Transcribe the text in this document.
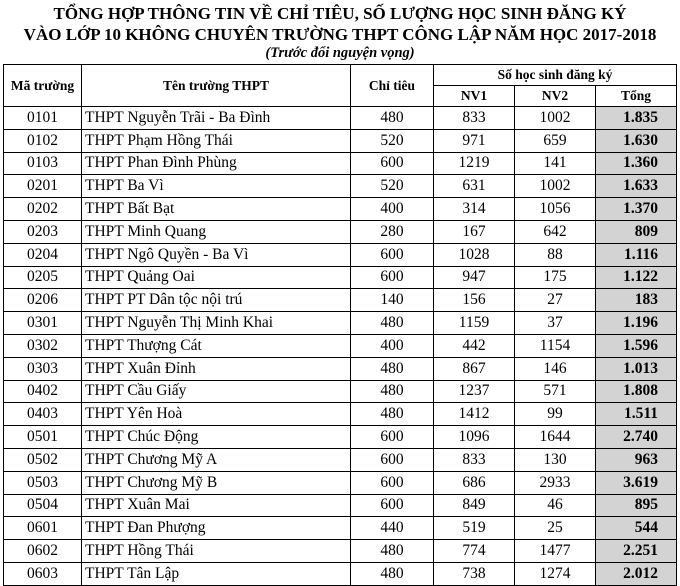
TỔNG HỢP THÔNG TIN VỀ CHỈ TIÊU, SỐ LƯỢNG HỌC SINH ĐĂNG KÝ
VÀO LỚP 10 KHÔNG CHUYÊN TRƯỜNG THPT CÔNG LẬP NĂM HỌC 2017-2018
(Trước đổi nguyện vọng)
Mã trường	Tên trường THPT	Chỉ tiêu	Số học sinh đăng ký		
			NV1	NV2	Tổng
0101	THPT Nguyễn Trãi - Ba Đình	480	833	1002	1.835
0102	THPT Phạm Hồng Thái	520	971	659	1.630
0103	THPT Phan Đình Phùng	600	1219	141	1.360
0201	THPT Ba Vì	520	631	1002	1.633
0202	THPT Bất Bạt	400	314	1056	1.370
0203	THPT Minh Quang	280	167	642	809
0204	THPT Ngô Quyền - Ba Vì	600	1028	88	1.116
0205	THPT Quảng Oai	600	947	175	1.122
0206	THPT PT Dân tộc nội trú	140	156	27	183
0301	THPT Nguyễn Thị Minh Khai	480	1159	37	1.196
0302	THPT Thượng Cát	400	442	1154	1.596
0303	THPT Xuân Đỉnh	480	867	146	1.013
0402	THPT Cầu Giấy	480	1237	571	1.808
0403	THPT Yên Hoà	480	1412	99	1.511
0501	THPT Chúc Động	600	1096	1644	2.740
0502	THPT Chương Mỹ A	600	833	130	963
0503	THPT Chương Mỹ B	600	686	2933	3.619
0504	THPT Xuân Mai	600	849	46	895
0601	THPT Đan Phượng	440	519	25	544
0602	THPT Hồng Thái	480	774	1477	2.251
0603	THPT Tân Lập	480	738	1274	2.012
